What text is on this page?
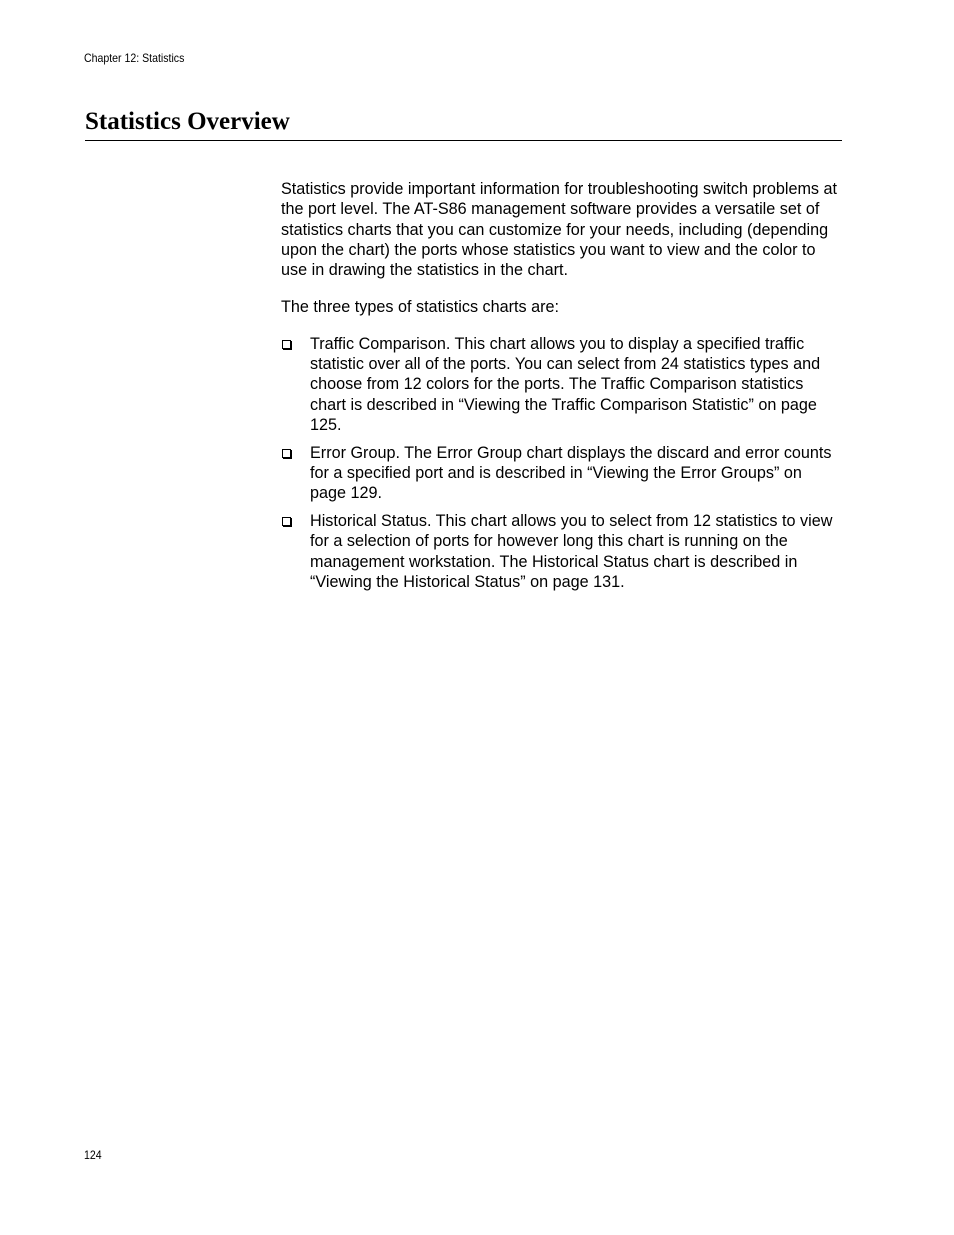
Chapter 12: Statistics
Statistics Overview

Statistics provide important information for troubleshooting switch problems at the port level. The AT-S86 management software provides a versatile set of statistics charts that you can customize for your needs, including (depending upon the chart) the ports whose statistics you want to view and the color to use in drawing the statistics in the chart.

The three types of statistics charts are:

Traffic Comparison. This chart allows you to display a specified traffic statistic over all of the ports. You can select from 24 statistics types and choose from 12 colors for the ports. The Traffic Comparison statistics chart is described in “Viewing the Traffic Comparison Statistic” on page 125.
Error Group. The Error Group chart displays the discard and error counts for a specified port and is described in “Viewing the Error Groups” on page 129.
Historical Status. This chart allows you to select from 12 statistics to view for a selection of ports for however long this chart is running on the management workstation. The Historical Status chart is described in “Viewing the Historical Status” on page 131.
124
